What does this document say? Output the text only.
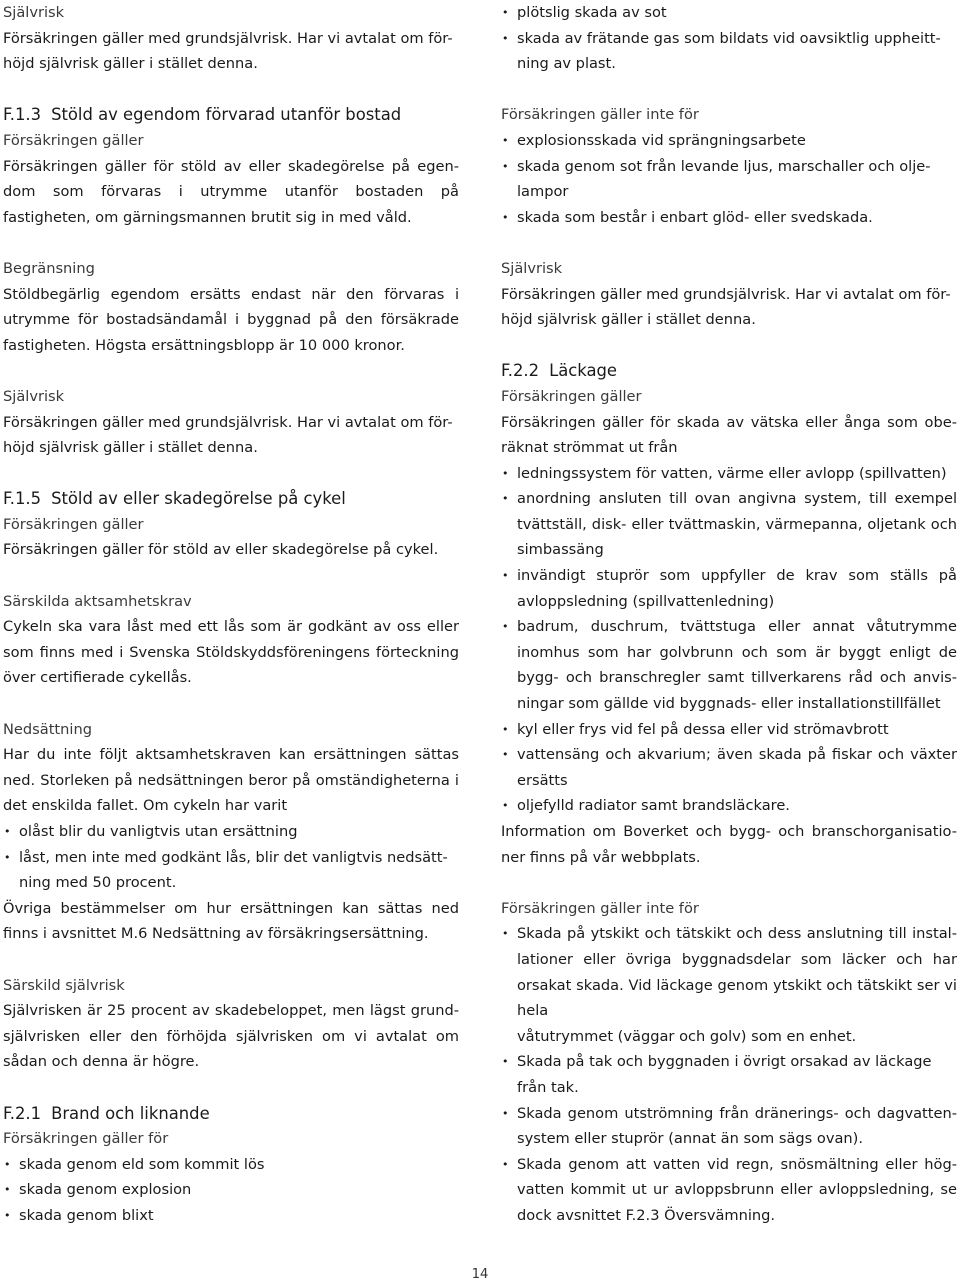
Självrisk

Försäkringen gäller med grundsjälvrisk. Har vi avtalat om för-höjd självrisk gäller i stället denna.

F.1.3 Stöld av egendom förvarad utanför bostad

Försäkringen gäller

Försäkringen gäller för stöld av eller skadegörelse på egen-dom som förvaras i utrymme utanför bostaden på fastigheten, om gärningsmannen brutit sig in med våld.

Begränsning

Stöldbegärlig egendom ersätts endast när den förvaras i utrymme för bostadsändamål i byggnad på den försäkrade fastigheten. Högsta ersättningsblopp är 10 000 kronor.

Självrisk

Försäkringen gäller med grundsjälvrisk. Har vi avtalat om för-höjd självrisk gäller i stället denna.

F.1.5 Stöld av eller skadegörelse på cykel

Försäkringen gäller

Försäkringen gäller för stöld av eller skadegörelse på cykel.

Särskilda aktsamhetskrav

Cykeln ska vara låst med ett lås som är godkänt av oss eller som finns med i Svenska Stöldskyddsföreningens förteckning över certifierade cykellås.

Nedsättning

Har du inte följt aktsamhetskraven kan ersättningen sättas ned. Storleken på nedsättningen beror på omständigheterna i det enskilda fallet. Om cykeln har varit

• olåst blir du vanligtvis utan ersättning
• låst, men inte med godkänt lås, blir det vanligtvis nedsätt-ning med 50 procent.

Övriga bestämmelser om hur ersättningen kan sättas ned finns i avsnittet M.6 Nedsättning av försäkringsersättning.

Särskild självrisk

Självrisken är 25 procent av skadebeloppet, men lägst grund-självrisken eller den förhöjda självrisken om vi avtalat om sådan och denna är högre.

F.2.1 Brand och liknande

Försäkringen gäller för

• skada genom eld som kommit lös
• skada genom explosion
• skada genom blixt
• plötslig skada av sot
• skada av frätande gas som bildats vid oavsiktlig uppheitt-ning av plast.

Försäkringen gäller inte för

• explosionsskada vid sprängningsarbete
• skada genom sot från levande ljus, marschaller och olje-lampor
• skada som består i enbart glöd- eller svedskada.

Självrisk

Försäkringen gäller med grundsjälvrisk. Har vi avtalat om för-höjd självrisk gäller i stället denna.

F.2.2 Läckage

Försäkringen gäller

Försäkringen gäller för skada av vätska eller ånga som obe-räknat strömmat ut från

• ledningssystem för vatten, värme eller avlopp (spillvatten)
• anordning ansluten till ovan angivna system, till exempel tvättställ, disk- eller tvättmaskin, värmepanna, oljetank och simbassäng
• invändigt stuprör som uppfyller de krav som ställs på avloppsledning (spillvattenledning)
• badrum, duschrum, tvättstuga eller annat våtutrymme inomhus som har golvbrunn och som är byggt enligt de bygg- och branschregler samt tillverkarens råd och anvis-ningar som gällde vid byggnads- eller installationstillfället
• kyl eller frys vid fel på dessa eller vid strömavbrott
• vattensäng och akvarium; även skada på fiskar och växter ersätts
• oljefylld radiator samt brandsläckare.

Information om Boverket och bygg- och branschorganisatio-ner finns på vår webbplats.

Försäkringen gäller inte för

• Skada på ytskikt och tätskikt och dess anslutning till instal-lationer eller övriga byggnadsdelar som läcker och har orsakat skada. Vid läckage genom ytskikt och tätskikt ser vi hela
våtutrymmet (väggar och golv) som en enhet.
• Skada på tak och byggnaden i övrigt orsakad av läckage från tak.
• Skada genom utströmning från dränerings- och dagvatten-system eller stuprör (annat än som sägs ovan).
• Skada genom att vatten vid regn, snösmältning eller hög-vatten kommit ut ur avloppsbrunn eller avloppsledning, se dock avsnittet F.2.3 Översvämning.
14
